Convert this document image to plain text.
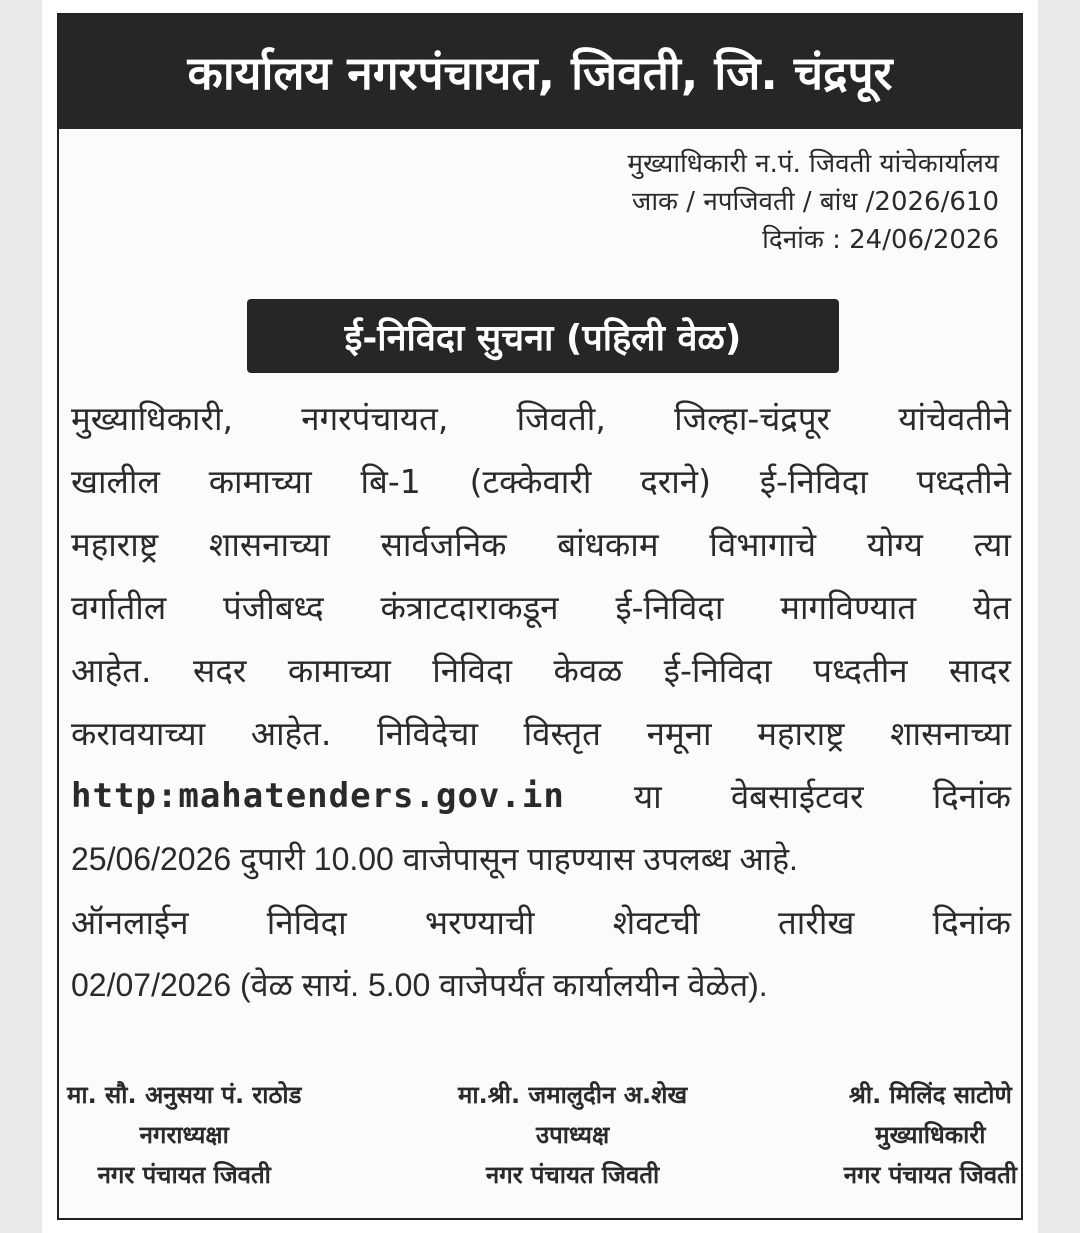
कार्यालय नगरपंचायत, जिवती, जि. चंद्रपूर
मुख्याधिकारी न.पं. जिवती यांचेकार्यालय
जाक / नपजिवती / बांध /2026/610
दिनांक : 24/06/2026
ई-निविदा सुचना (पहिली वेळ)
मुख्याधिकारी, नगरपंचायत, जिवती, जिल्हा-चंद्रपूर यांचेवतीने
खालील कामाच्या बि-1 (टक्केवारी दराने) ई-निविदा पध्दतीने
महाराष्ट्र शासनाच्या सार्वजनिक बांधकाम विभागाचे योग्य त्या
वर्गातील पंजीबध्द कंत्राटदाराकडून ई-निविदा मागविण्यात येत
आहेत. सदर कामाच्या निविदा केवळ ई-निविदा पध्दतीन सादर
करावयाच्या आहेत. निविदेचा विस्तृत नमूना महाराष्ट्र शासनाच्या
http:mahatenders.gov.in या वेबसाईटवर दिनांक
25/06/2026 दुपारी 10.00 वाजेपासून पाहण्यास उपलब्ध आहे.
ऑनलाईन निविदा भरण्याची शेवटची तारीख दिनांक
02/07/2026 (वेळ सायं. 5.00 वाजेपर्यंत कार्यालयीन वेळेत).
मा. सौ. अनुसया पं. राठोड
नगराध्यक्षा
नगर पंचायत जिवती
मा.श्री. जमालुदीन अ.शेख
उपाध्यक्ष
नगर पंचायत जिवती
श्री. मिलिंद साटोणे
मुख्याधिकारी
नगर पंचायत जिवती
